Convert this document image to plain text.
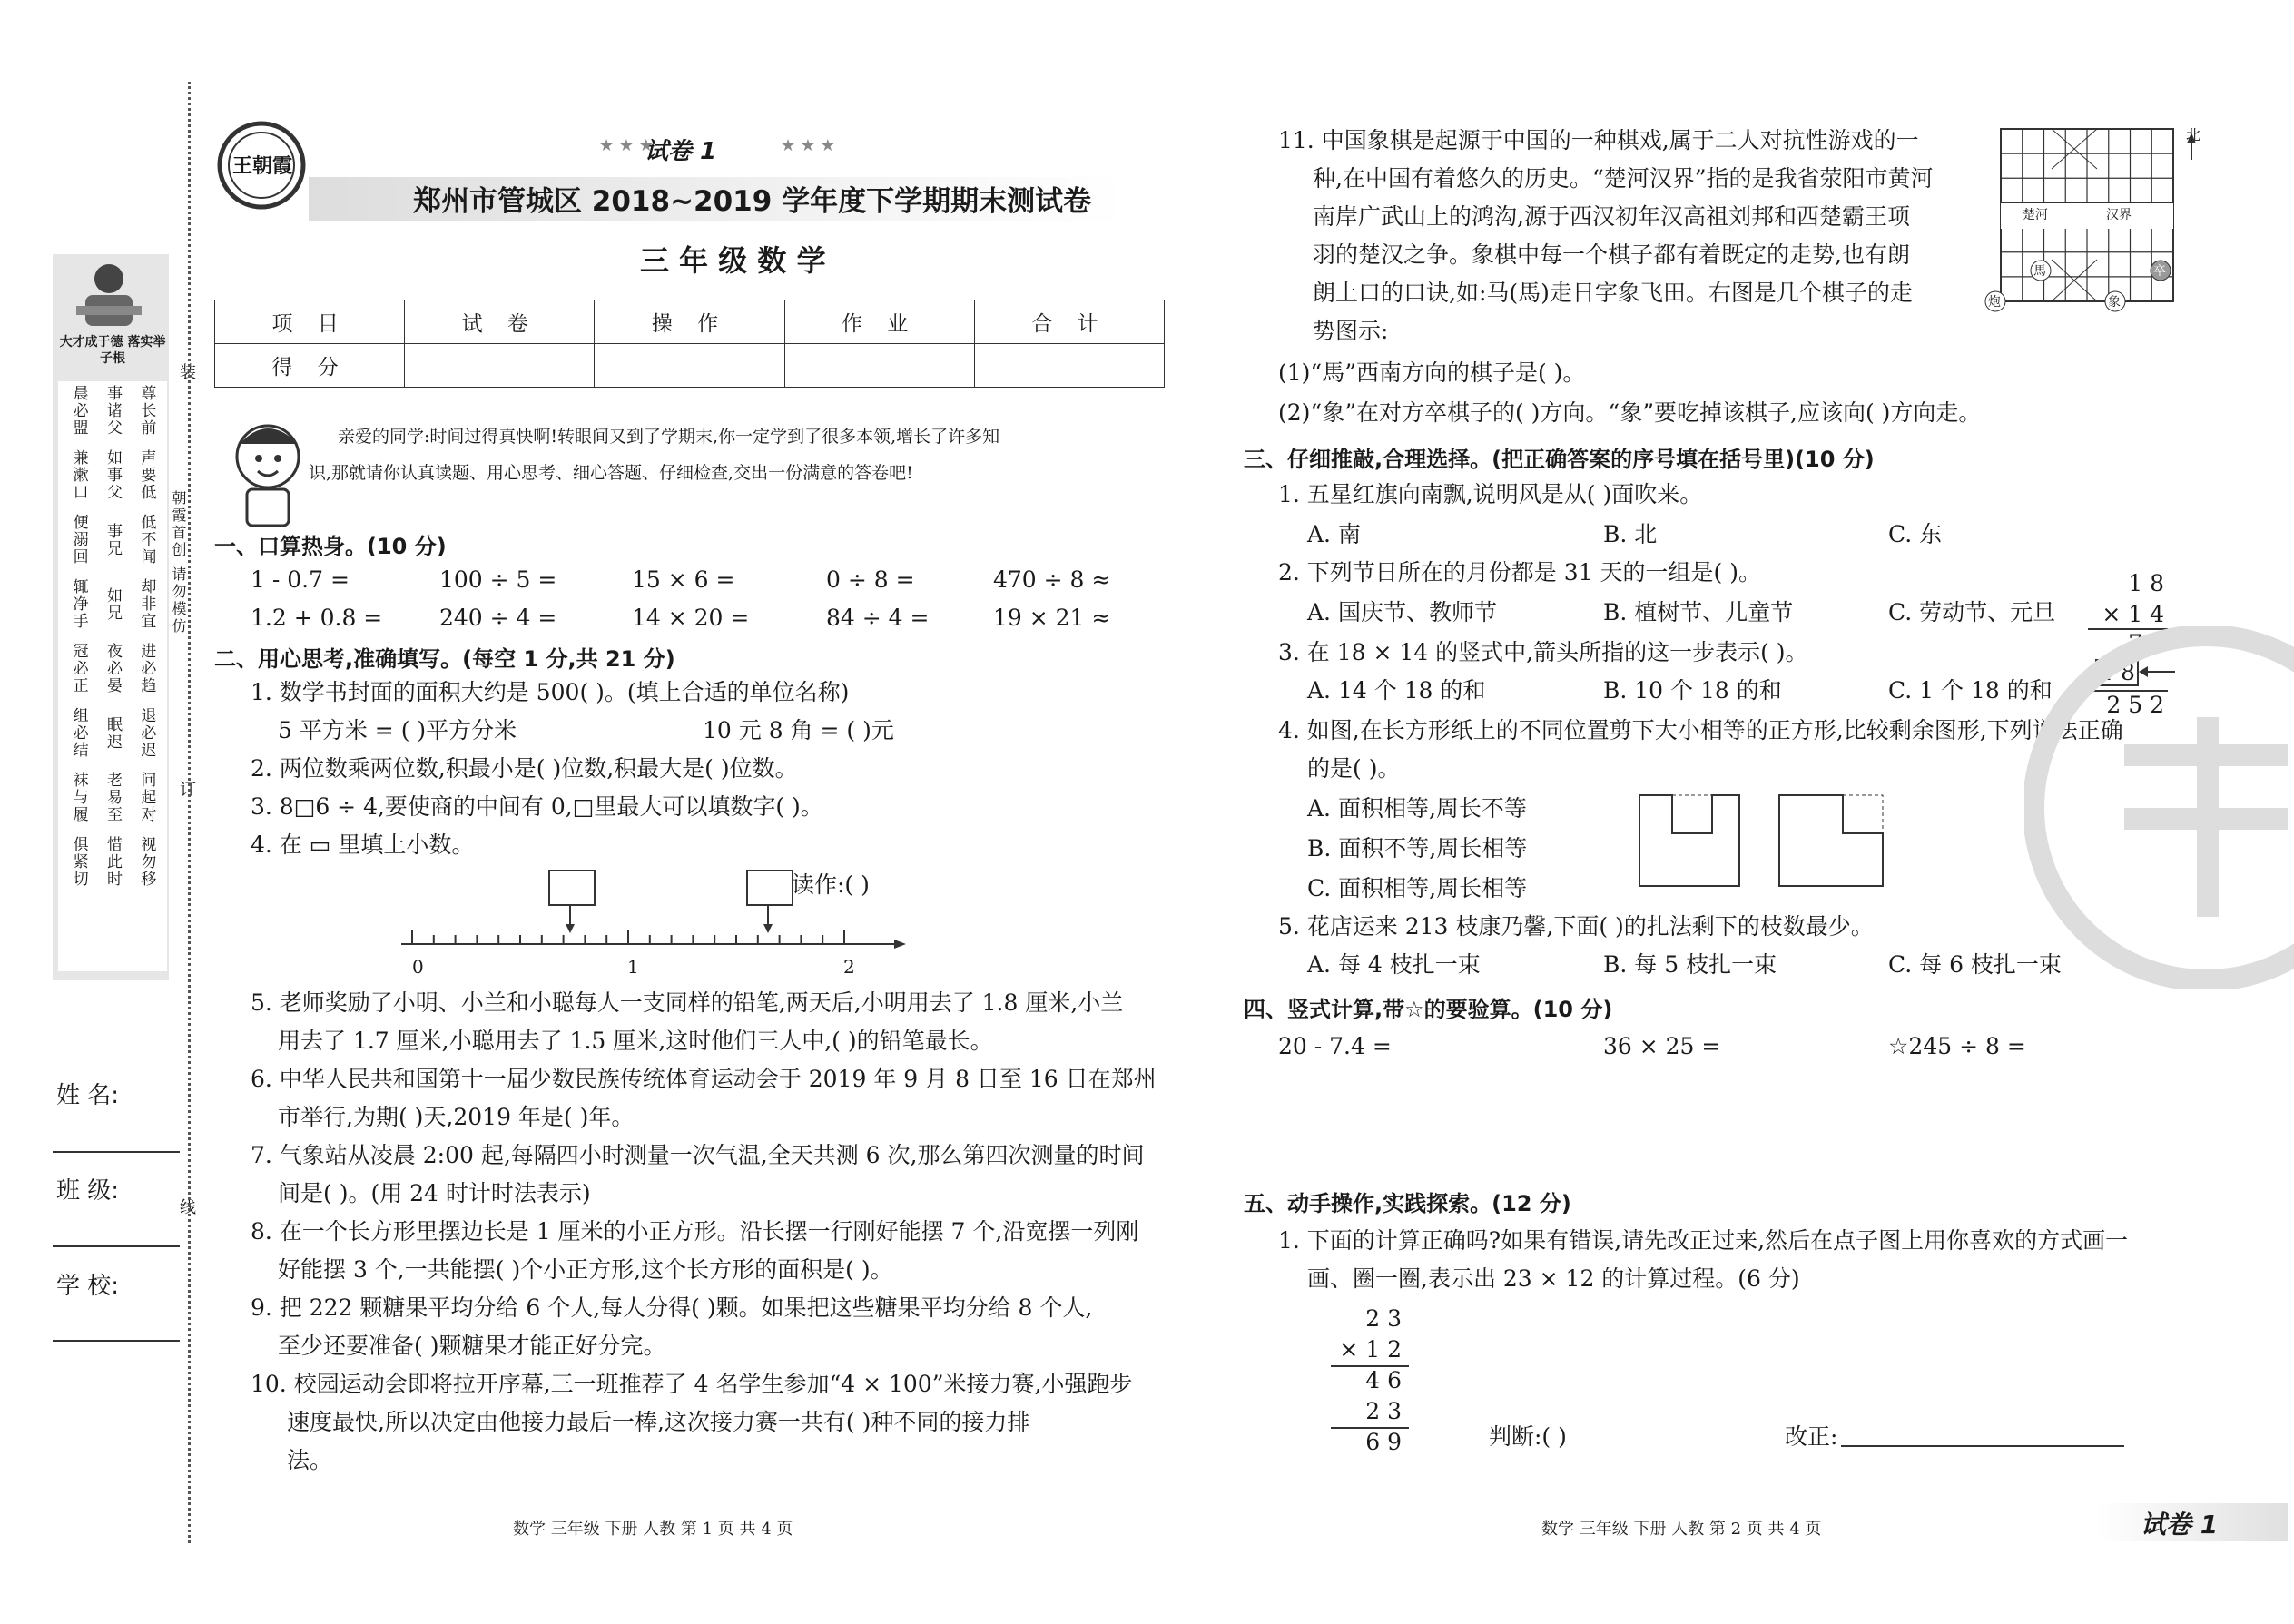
大才成于德 落实举子根
晨必盟 事诸父 尊长前
兼漱口 如事父 声要低
便溺回 事兄 低不闻
辄净手 如兄 却非宜
冠必正 夜必晏 进必趋
组必结 眠迟 退必迟
袜与履 老易至 问起对
俱紧切 惜此时 视勿移
装
订
线
朝霞首创 请勿模仿
姓 名:
班 级:
学 校:
王朝霞
试卷 1
★ ★ ★	★ ★ ★
郑州市管城区 2018~2019 学年度下学期期末测试卷
三 年 级 数 学
项 目	试 卷	操 作	作 业	合 计
得 分				
亲爱的同学:时间过得真快啊!转眼间又到了学期末,你一定学到了很多本领,增长了许多知
识,那就请你认真读题、用心思考、细心答题、仔细检查,交出一份满意的答卷吧!
一、口算热身。(10 分)
1 - 0.7 =	100 ÷ 5 =	15 × 6 =	0 ÷ 8 =	470 ÷ 8 ≈
1.2 + 0.8 =	240 ÷ 4 =	14 × 20 =	84 ÷ 4 =	19 × 21 ≈
二、用心思考,准确填写。(每空 1 分,共 21 分)
1. 数学书封面的面积大约是 500( )。(填上合适的单位名称)
5 平方米 = ( )平方分米	10 元 8 角 = ( )元
2. 两位数乘两位数,积最小是( )位数,积最大是( )位数。
3. 8□6 ÷ 4,要使商的中间有 0,□里最大可以填数字( )。
4. 在 ▭ 里填上小数。
读作:( )
0	1	2
5. 老师奖励了小明、小兰和小聪每人一支同样的铅笔,两天后,小明用去了 1.8 厘米,小兰
用去了 1.7 厘米,小聪用去了 1.5 厘米,这时他们三人中,( )的铅笔最长。
6. 中华人民共和国第十一届少数民族传统体育运动会于 2019 年 9 月 8 日至 16 日在郑州
市举行,为期( )天,2019 年是( )年。
7. 气象站从凌晨 2:00 起,每隔四小时测量一次气温,全天共测 6 次,那么第四次测量的时间
间是( )。(用 24 时计时法表示)
8. 在一个长方形里摆边长是 1 厘米的小正方形。沿长摆一行刚好能摆 7 个,沿宽摆一列刚
好能摆 3 个,一共能摆( )个小正方形,这个长方形的面积是( )。
9. 把 222 颗糖果平均分给 6 个人,每人分得( )颗。如果把这些糖果平均分给 8 个人,
至少还要准备( )颗糖果才能正好分完。
10. 校园运动会即将拉开序幕,三一班推荐了 4 名学生参加“4 × 100”米接力赛,小强跑步
速度最快,所以决定由他接力最后一棒,这次接力赛一共有( )种不同的接力排
法。
数学 三年级 下册 人教 第 1 页 共 4 页
11. 中国象棋是起源于中国的一种棋戏,属于二人对抗性游戏的一
种,在中国有着悠久的历史。“楚河汉界”指的是我省荥阳市黄河
南岸广武山上的鸿沟,源于西汉初年汉高祖刘邦和西楚霸王项
羽的楚汉之争。象棋中每一个棋子都有着既定的走势,也有朗
朗上口的口诀,如:马(馬)走日字象飞田。右图是几个棋子的走
势图示:
(1)“馬”西南方向的棋子是( )。
(2)“象”在对方卒棋子的( )方向。“象”要吃掉该棋子,应该向( )方向走。
楚河	汉界
北
馬	卒
炮	象
三、仔细推敲,合理选择。(把正确答案的序号填在括号里)(10 分)
1. 五星红旗向南飘,说明风是从( )面吹来。
A. 南	B. 北	C. 东
2. 下列节日所在的月份都是 31 天的一组是( )。
A. 国庆节、教师节	B. 植树节、儿童节	C. 劳动节、元旦
3. 在 18 × 14 的竖式中,箭头所指的这一步表示( )。
A. 14 个 18 的和	B. 10 个 18 的和	C. 1 个 18 的和
1 8
× 1 4
7 2
1 8
2 5 2
4. 如图,在长方形纸上的不同位置剪下大小相等的正方形,比较剩余图形,下列说法正确
的是( )。
A. 面积相等,周长不等
B. 面积不等,周长相等
C. 面积相等,周长相等
5. 花店运来 213 枝康乃馨,下面( )的扎法剩下的枝数最少。
A. 每 4 枝扎一束	B. 每 5 枝扎一束	C. 每 6 枝扎一束
四、竖式计算,带☆的要验算。(10 分)
20 - 7.4 =	36 × 25 =	☆245 ÷ 8 =
五、动手操作,实践探索。(12 分)
1. 下面的计算正确吗?如果有错误,请先改正过来,然后在点子图上用你喜欢的方式画一
画、圈一圈,表示出 23 × 12 的计算过程。(6 分)
2 3
× 1 2
4 6
2 3
6 9	判断:( )	改正:
数学 三年级 下册 人教 第 2 页 共 4 页	试卷 1
